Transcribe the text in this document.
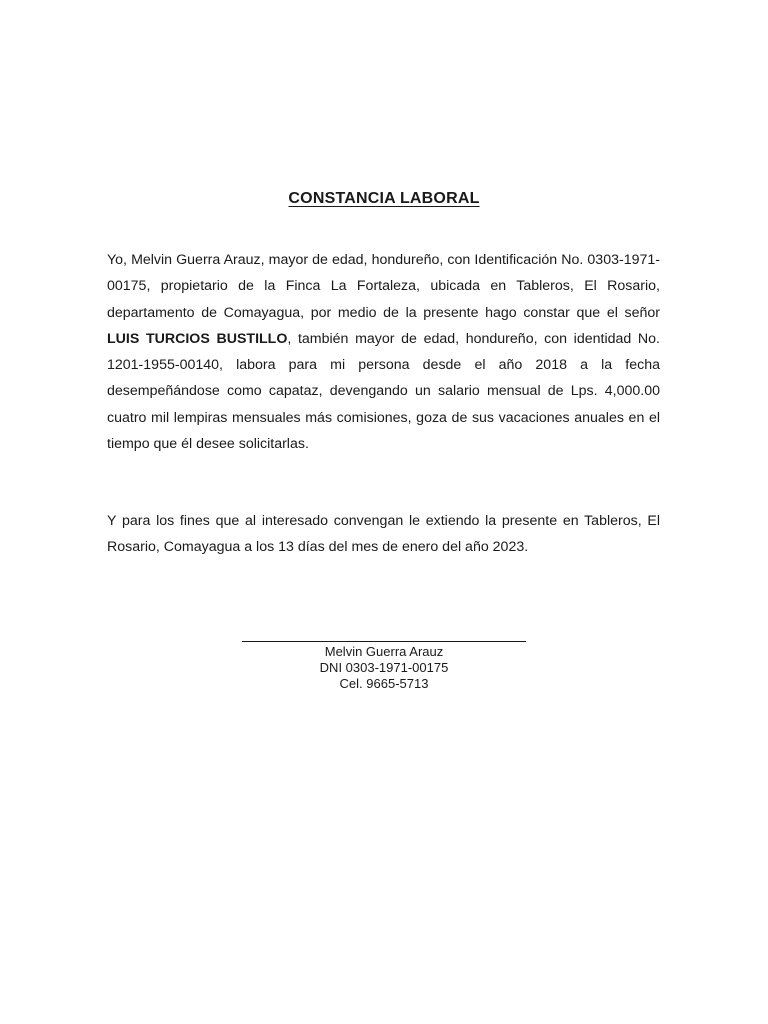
CONSTANCIA LABORAL

Yo, Melvin Guerra Arauz, mayor de edad, hondureño, con Identificación No. 0303-1971-00175, propietario de la Finca La Fortaleza, ubicada en Tableros, El Rosario, departamento de Comayagua, por medio de la presente hago constar que el señor LUIS TURCIOS BUSTILLO, también mayor de edad, hondureño, con identidad No. 1201-1955-00140, labora para mi persona desde el año 2018 a la fecha desempeñándose como capataz, devengando un salario mensual de Lps. 4,000.00 cuatro mil lempiras mensuales más comisiones, goza de sus vacaciones anuales en el tiempo que él desee solicitarlas.

Y para los fines que al interesado convengan le extiendo la presente en Tableros, El Rosario, Comayagua a los 13 días del mes de enero del año 2023.

Melvin Guerra Arauz
DNI 0303-1971-00175
Cel. 9665-5713
